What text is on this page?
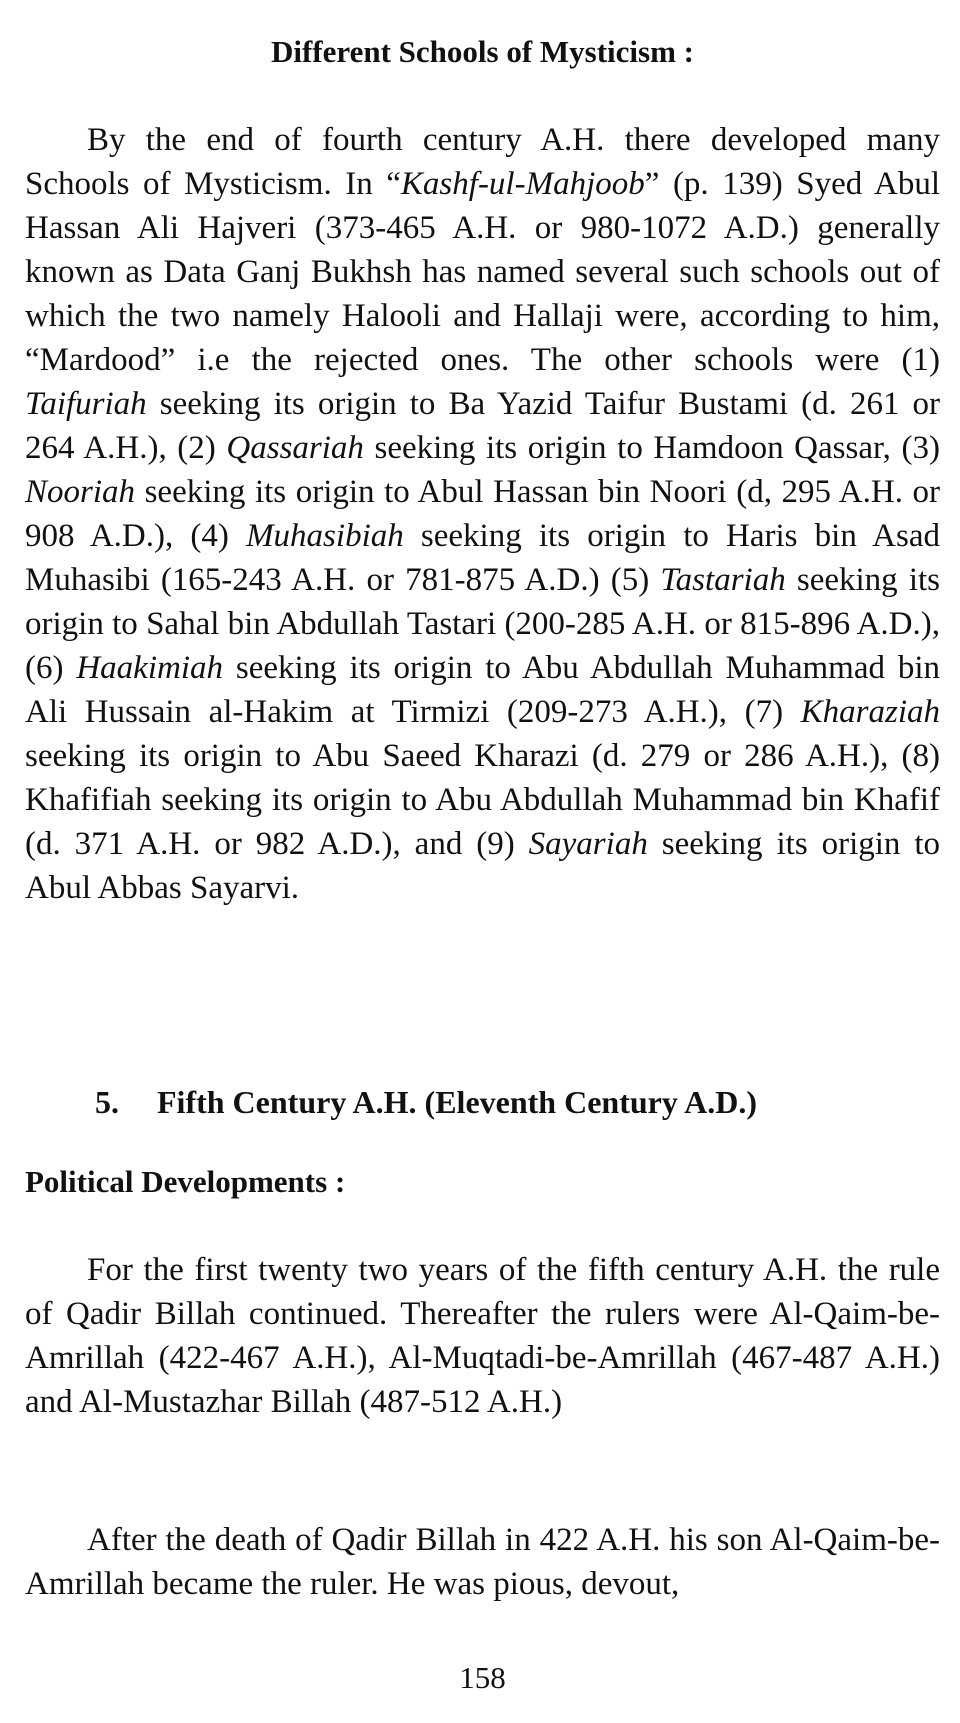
Different Schools of Mysticism :

By the end of fourth century A.H. there developed many Schools of Mysticism. In “Kashf-ul-Mahjoob” (p. 139) Syed Abul Hassan Ali Hajveri (373-465 A.H. or 980-1072 A.D.) generally known as Data Ganj Bukhsh has named several such schools out of which the two namely Halooli and Hallaji were, according to him, “Mardood” i.e the rejected ones. The other schools were (1) Taifuriah seeking its origin to Ba Yazid Taifur Bustami (d. 261 or 264 A.H.), (2) Qassariah seeking its origin to Hamdoon Qassar, (3) Nooriah seeking its origin to Abul Hassan bin Noori (d, 295 A.H. or 908 A.D.), (4) Muhasibiah seeking its origin to Haris bin Asad Muhasibi (165-243 A.H. or 781-875 A.D.) (5) Tastariah seeking its origin to Sahal bin Abdullah Tastari (200-285 A.H. or 815-896 A.D.), (6) Haakimiah seeking its origin to Abu Abdullah Muhammad bin Ali Hussain al-Hakim at Tirmizi (209-273 A.H.), (7) Kharaziah seeking its origin to Abu Saeed Kharazi (d. 279 or 286 A.H.), (8) Khafifiah seeking its origin to Abu Abdullah Muhammad bin Khafif (d. 371 A.H. or 982 A.D.), and (9) Sayariah seeking its origin to Abul Abbas Sayarvi.

5. Fifth Century A.H. (Eleventh Century A.D.)
Political Developments :

For the first twenty two years of the fifth century A.H. the rule of Qadir Billah continued. Thereafter the rulers were Al-Qaim-be-Amrillah (422-467 A.H.), Al-Muqtadi-be-Amrillah (467-487 A.H.) and Al-Mustazhar Billah (487-512 A.H.)

After the death of Qadir Billah in 422 A.H. his son Al-Qaim-be-Amrillah became the ruler. He was pious, devout,

158
